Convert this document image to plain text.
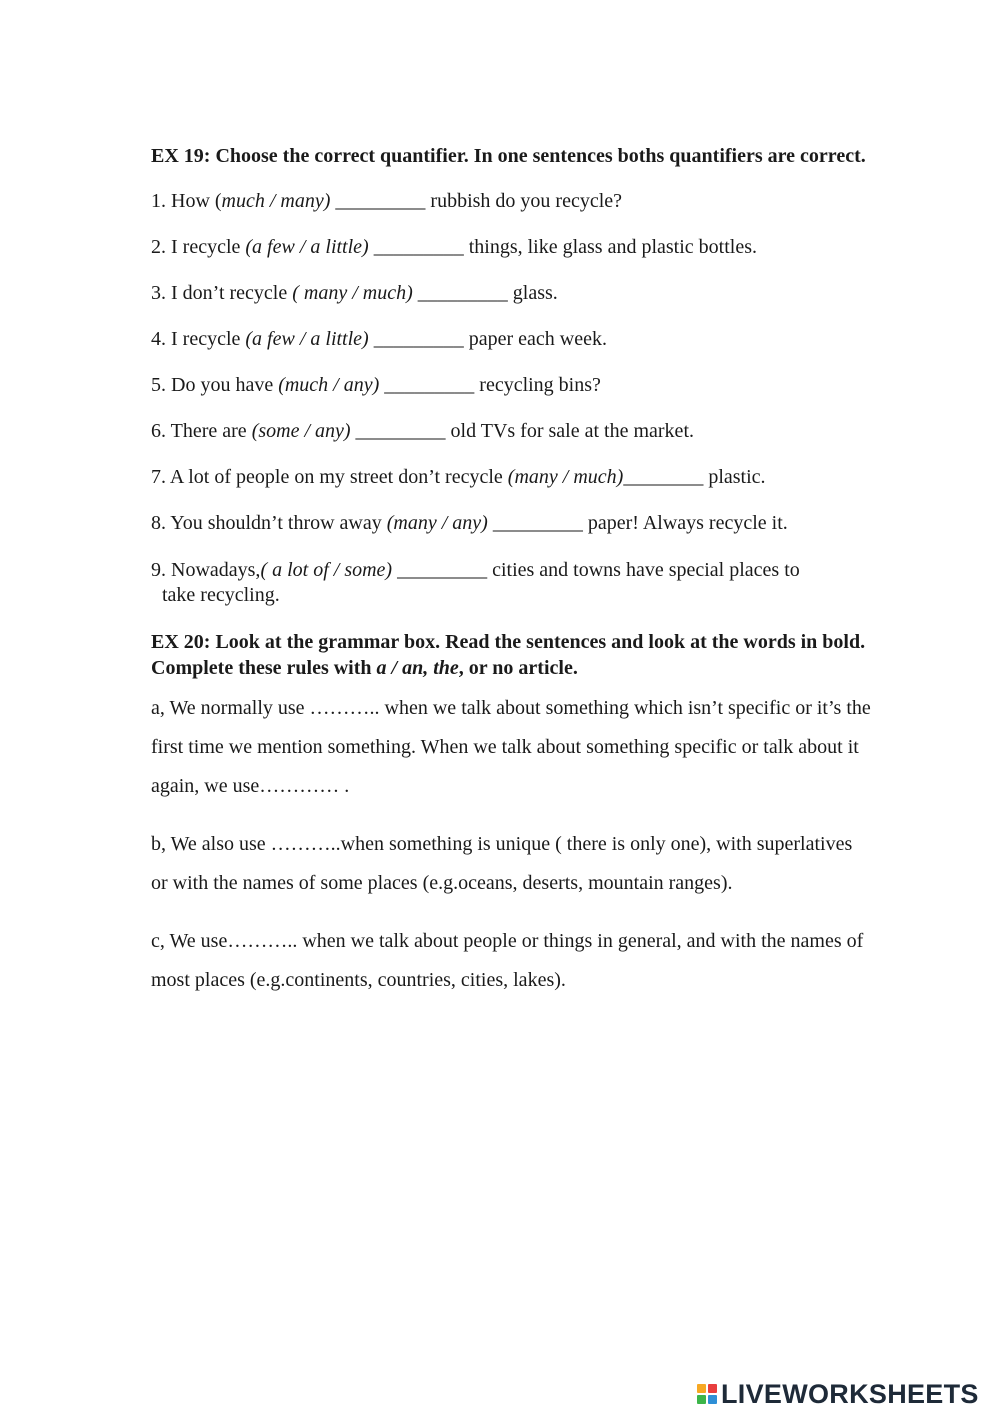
EX 19: Choose the correct quantifier. In one sentences boths quantifiers are correct.

1. How (much / many) _________ rubbish do you recycle?

2. I recycle (a few / a little) _________ things, like glass and plastic bottles.

3. I don’t recycle ( many / much) _________ glass.

4. I recycle (a few / a little) _________ paper each week.

5. Do you have (much / any) _________ recycling bins?

6. There are (some / any) _________ old TVs for sale at the market.

7. A lot of people on my street don’t recycle (many / much)________ plastic.

8. You shouldn’t throw away (many / any) _________ paper! Always recycle it.

9. Nowadays,( a lot of / some) _________ cities and towns have special places to take recycling.

EX 20: Look at the grammar box. Read the sentences and look at the words in bold. Complete these rules with a / an, the, or no article.

a, We normally use ……….. when we talk about something which isn’t specific or it’s the first time we mention something. When we talk about something specific or talk about it again, we use………… .

b, We also use ………..when something is unique ( there is only one), with superlatives or with the names of some places (e.g.oceans, deserts, mountain ranges).

c, We use……….. when we talk about people or things in general, and with the names of most places (e.g.continents, countries, cities, lakes).

LIVEWORKSHEETS
